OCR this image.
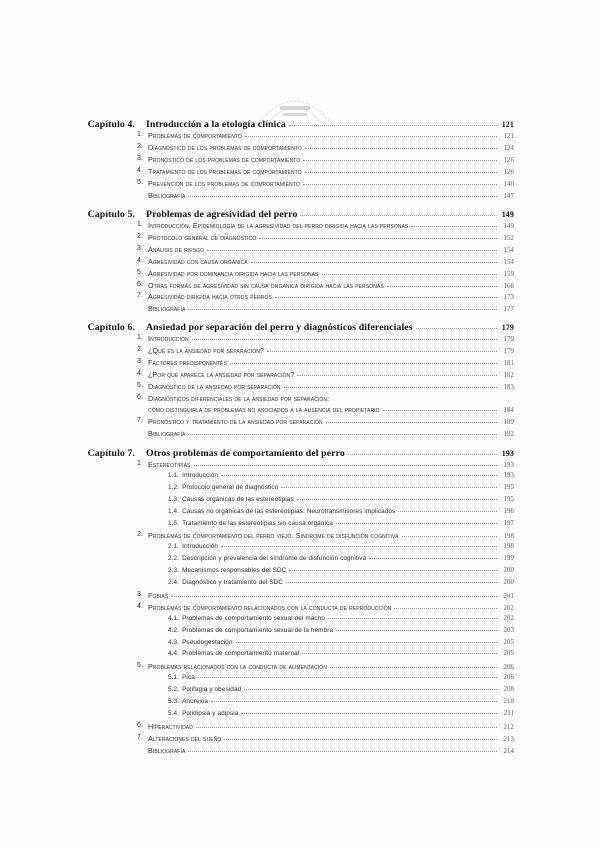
Capítulo 4. Introducción a la etología clínica	121
1. Problemas de comportamiento	121
2. Diagnóstico de los problemas de comportamiento	124
3. Pronóstico de los problemas de comportamiento	126
4. Tratamiento de los problemas de comportamiento	126
5. Prevención de los problemas de comportamiento	140
Bibliografía	147
Capítulo 5. Problemas de agresividad del perro	149
1. Introducción. Epidemiología de la agresividad del perro dirigida hacia las personas	149
2. Protocolo general de diagnóstico	152
3. Análisis de riesgo	154
4. Agresividad con causa orgánica	154
5. Agresividad por dominancia dirigida hacia las personas	159
6. Otras formas de agresividad sin causa orgánica dirigida hacia las personas	166
7. Agresividad dirigida hacia otros perros	173
Bibliografía	177
Capítulo 6. Ansiedad por separación del perro y diagnósticos diferenciales	179
1. Introducción	179
2. ¿Qué es la ansiedad por separación?	179
3. Factores predisponentes	181
4. ¿Por qué aparece la ansiedad por separación?	182
5. Diagnóstico de la ansiedad por separación	183
6. Diagnósticos diferenciales de la ansiedad por separación:
cómo distinguirla de problemas no asociados a la ausencia del propietario	184
7. Pronóstico y tratamiento de la ansiedad por separación	189
Bibliografía	192
Capítulo 7. Otros problemas de comportamiento del perro	193
1. Estereotipias	193
1.1. Introducción	193
1.2. Protocolo general de diagnóstico	195
1.3. Causas orgánicas de las estereotipias	195
1.4. Causas no orgánicas de las estereotipias. Neurotransmisores implicados	196
1.5. Tratamiento de las estereotipias sin causa orgánica	197
2. Problemas de comportamiento del perro viejo. Síndrome de disfunción cognitiva	198
2.1. Introducción	198
2.2. Descripción y prevalencia del síndrome de disfunción cognitiva	199
2.3. Mecanismos responsables del SDC	200
2.4. Diagnóstico y tratamiento del SDC	200
3. Fobias	201
4. Problemas de comportamiento relacionados con la conducta de reproducción	202
4.1. Problemas de comportamiento sexual del macho	202
4.2. Problemas de comportamiento sexual de la hembra	203
4.3. Pseudogestación	205
4.4. Problemas de comportamiento maternal	205
5. Problemas relacionados con la conducta de alimentación	206
5.1. Pica	206
5.2. Polifagia y obesidad	208
5.3. Anorexia	210
5.4. Polidipsia y adipsia	211
6. Hiperactividad	212
7. Alteraciones del sueño	213
Bibliografía	214
